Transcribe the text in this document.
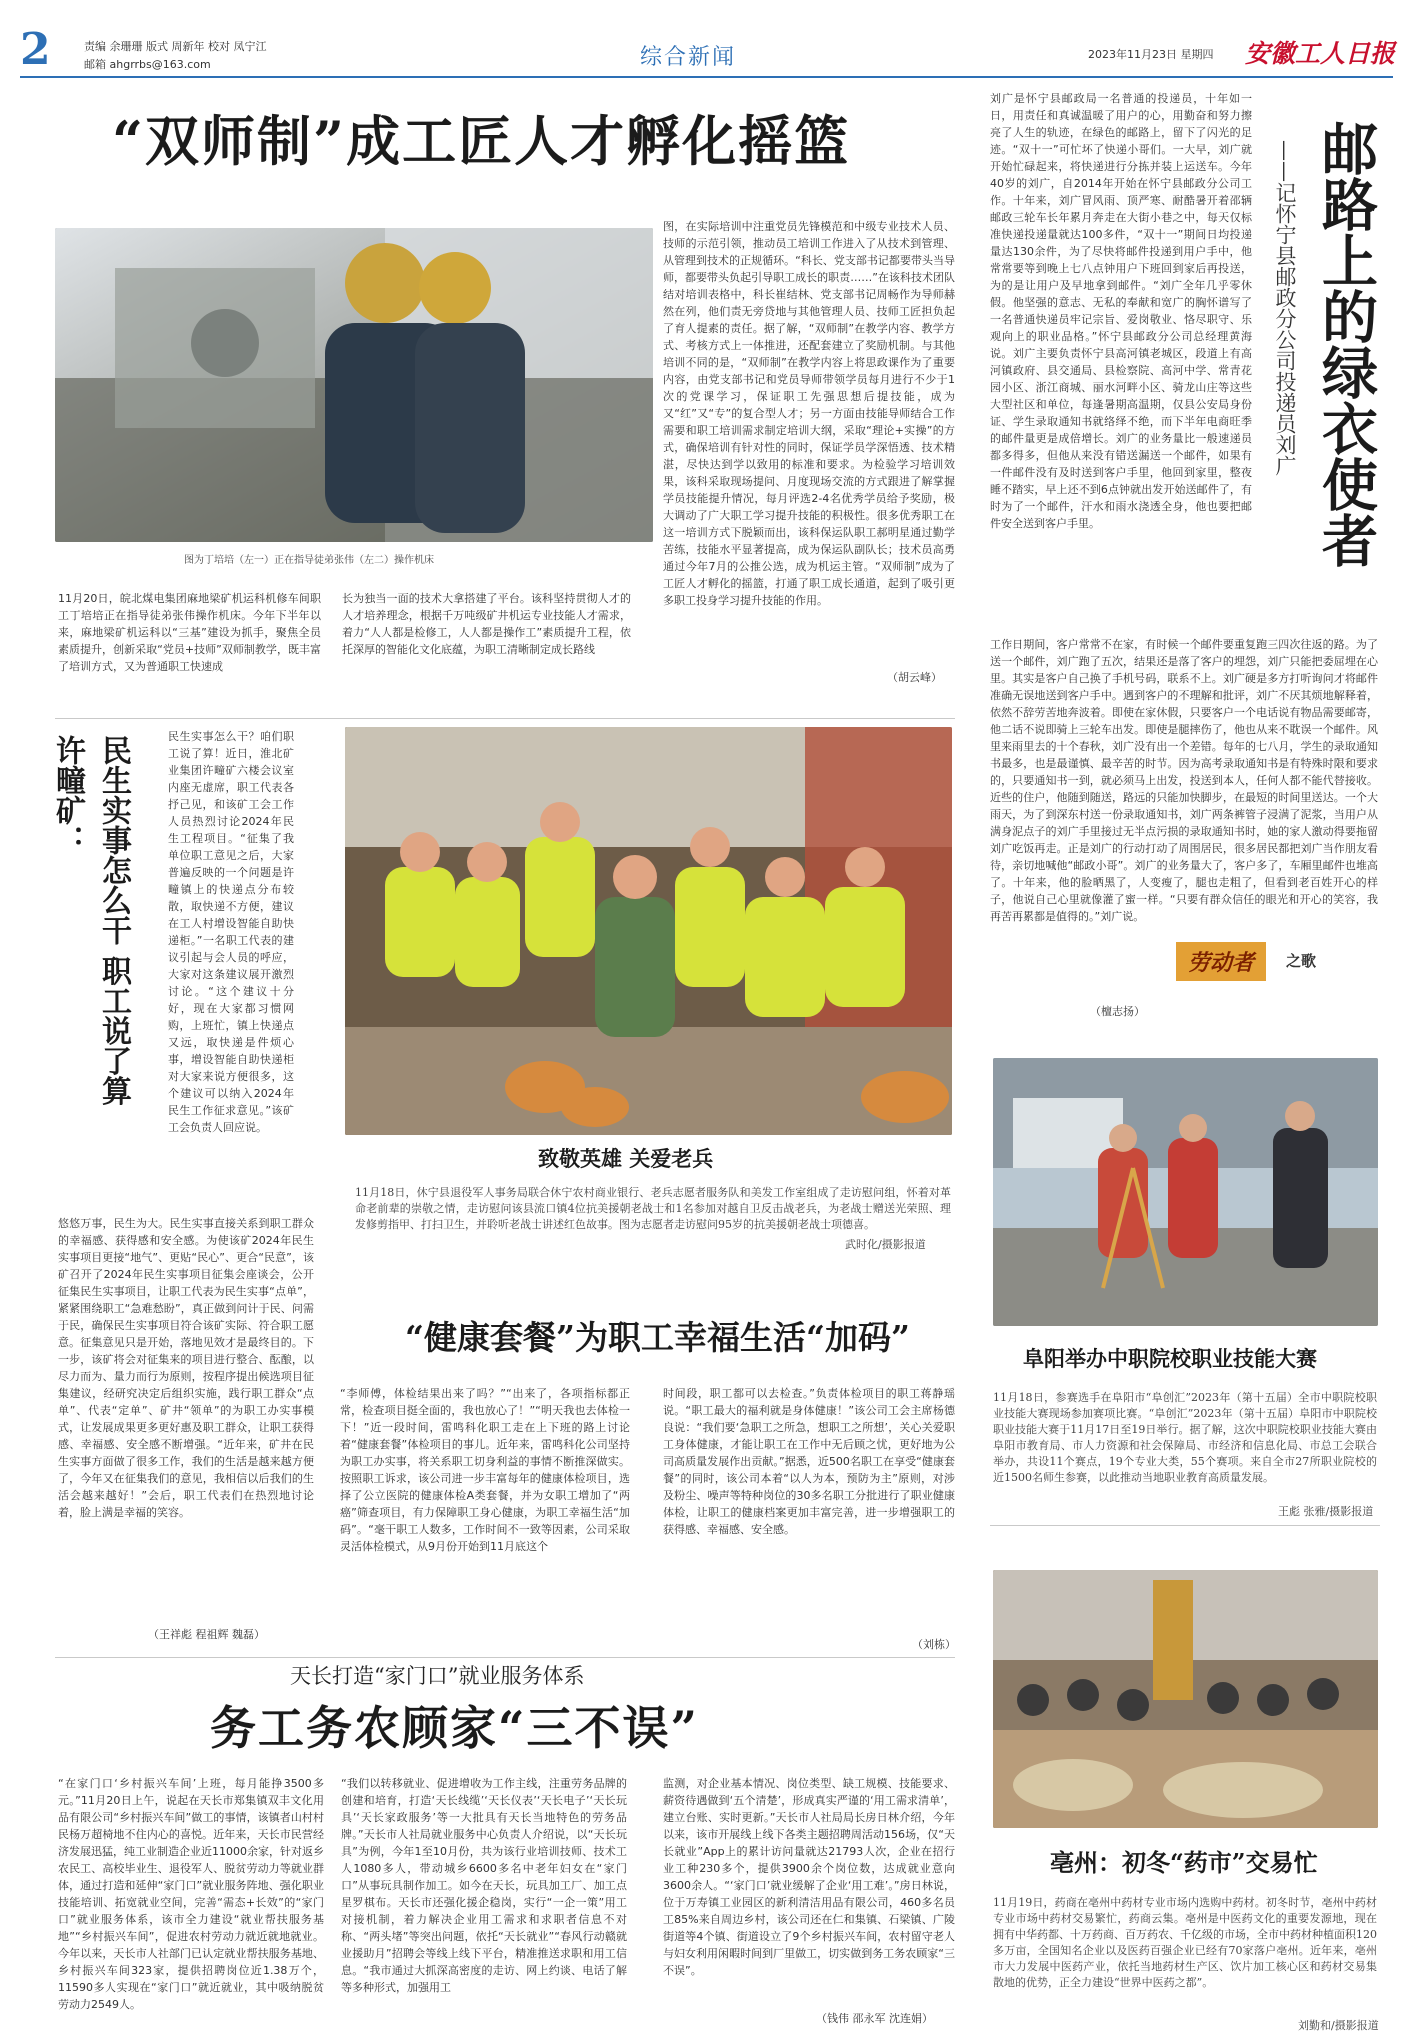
2	责编 余珊珊 版式 周新年 校对 凤宁江
邮箱 ahgrrbs@163.com	综合新闻	2023年11月23日 星期四 安徽工人日报
“双师制”成工匠人才孵化摇篮
图为丁培培（左一）正在指导徒弟张伟（左二）操作机床
11月20日，皖北煤电集团麻地梁矿机运科机修车间职工丁培培正在指导徒弟张伟操作机床。今年下半年以来，麻地梁矿机运科以“三基”建设为抓手，聚焦全员素质提升，创新采取“党员+技师”双师制教学，既丰富了培训方式，又为普通职工快速成
长为独当一面的技术大拿搭建了平台。该科坚持贯彻人才的人才培养理念，根据千万吨级矿井机运专业技能人才需求，着力“人人都是检修工，人人都是操作工”素质提升工程，依托深厚的智能化文化底蕴，为职工清晰制定成长路线
图，在实际培训中注重党员先锋模范和中级专业技术人员、技师的示范引领，推动员工培训工作进入了从技术到管理、从管理到技术的正规循环。“科长、党支部书记都要带头当导师，都要带头负起引导职工成长的职责……”在该科技术团队结对培训表格中，科长崔结林、党支部书记周畅作为导师赫然在列，他们责无旁贷地与其他管理人员、技师工匠担负起了育人提素的责任。据了解，“双师制”在教学内容、教学方式、考核方式上一体推进，还配套建立了奖励机制。与其他培训不同的是，“双师制”在教学内容上将思政课作为了重要内容，由党支部书记和党员导师带领学员每月进行不少于1次的党课学习，保证职工先强思想后提技能，成为又“红”又“专”的复合型人才；另一方面由技能导师结合工作需要和职工培训需求制定培训大纲，采取“理论+实操”的方式，确保培训有针对性的同时，保证学员学深悟透、技术精湛，尽快达到学以致用的标准和要求。为检验学习培训效果，该科采取现场提问、月度现场交流的方式跟进了解掌握学员技能提升情况，每月评选2-4名优秀学员给予奖励，极大调动了广大职工学习提升技能的积极性。很多优秀职工在这一培训方式下脱颖而出，该科保运队职工郝明星通过勤学苦练，技能水平显著提高，成为保运队副队长；技术员高勇通过今年7月的公推公选，成为机运主管。“双师制”成为了工匠人才孵化的摇篮，打通了职工成长通道，起到了吸引更多职工投身学习提升技能的作用。
（胡云峰）
许疃矿： 民生实事怎么干 职工说了算	民生实事怎么干？咱们职工说了算！近日，淮北矿业集团许疃矿六楼会议室内座无虚席，职工代表各抒己见，和该矿工会工作人员热烈讨论2024年民生工程项目。“征集了我单位职工意见之后，大家普遍反映的一个问题是许疃镇上的快递点分布较散，取快递不方便，建议在工人村增设智能自助快递柜。”一名职工代表的建议引起与会人员的呼应，大家对这条建议展开激烈讨论。“这个建议十分好，现在大家都习惯网购，上班忙，镇上快递点又远，取快递是件烦心事，增设智能自助快递柜对大家来说方便很多，这个建议可以纳入2024年民生工作征求意见。”该矿工会负责人回应说。
悠悠万事，民生为大。民生实事直接关系到职工群众的幸福感、获得感和安全感。为使该矿2024年民生实事项目更接“地气”、更贴“民心”、更合“民意”，该矿召开了2024年民生实事项目征集会座谈会，公开征集民生实事项目，让职工代表为民生实事“点单”，紧紧围绕职工“急难愁盼”，真正做到问计于民、问需于民，确保民生实事项目符合该矿实际、符合职工愿意。征集意见只是开始，落地见效才是最终目的。下一步，该矿将会对征集来的项目进行整合、酝酿，以尽力而为、量力而行为原则，按程序提出候选项目征集建议，经研究决定后组织实施，践行职工群众“点单”、代表“定单”、矿井“领单”的为职工办实事模式，让发展成果更多更好惠及职工群众，让职工获得感、幸福感、安全感不断增强。“近年来，矿井在民生实事方面做了很多工作，我们的生活是越来越方便了，今年又在征集我们的意见，我相信以后我们的生活会越来越好！”会后，职工代表们在热烈地讨论着，脸上满是幸福的笑容。
（王祥彪 程祖辉 魏磊）
致敬英雄 关爱老兵
11月18日，休宁县退役军人事务局联合休宁农村商业银行、老兵志愿者服务队和美发工作室组成了走访慰问组，怀着对革命老前辈的崇敬之情，走访慰问该县流口镇4位抗美援朝老战士和1名参加对越自卫反击战老兵，为老战士赠送光荣照、理发修剪指甲、打扫卫生，并聆听老战士讲述红色故事。图为志愿者走访慰问95岁的抗美援朝老战士项德喜。
武时化/摄影报道
“健康套餐”为职工幸福生活“加码”
“李师傅，体检结果出来了吗？”“出来了，各项指标都正常，检查项目挺全面的，我也放心了！”“明天我也去体检一下！”近一段时间，雷鸣科化职工走在上下班的路上讨论着“健康套餐”体检项目的事儿。近年来，雷鸣科化公司坚持为职工办实事，将关系职工切身利益的事情不断推深做实。按照职工诉求，该公司进一步丰富每年的健康体检项目，选择了公立医院的健康体检A类套餐，并为女职工增加了“两癌”筛查项目，有力保障职工身心健康，为职工幸福生活“加码”。“毫干职工人数多，工作时间不一致等因素，公司采取灵活体检模式，从9月份开始到11月底这个
时间段，职工都可以去检查。”负责体检项目的职工蒋静瑶说。“职工最大的福利就是身体健康！”该公司工会主席杨德良说：“我们要‘急职工之所急，想职工之所想’，关心关爱职工身体健康，才能让职工在工作中无后顾之忧，更好地为公司高质量发展作出贡献。”据悉，近500名职工在享受“健康套餐”的同时，该公司本着“以人为本，预防为主”原则，对涉及粉尘、噪声等特种岗位的30多名职工分批进行了职业健康体检，让职工的健康档案更加丰富完善，进一步增强职工的获得感、幸福感、安全感。
（刘栋）
邮路上的绿衣使者
——记怀宁县邮政分公司投递员刘广
刘广是怀宁县邮政局一名普通的投递员，十年如一日，用责任和真诚温暖了用户的心，用勤奋和努力擦亮了人生的轨迹，在绿色的邮路上，留下了闪光的足迹。“双十一”可忙坏了快递小哥们。一大早，刘广就开始忙碌起来，将快递进行分拣并装上运送车。今年40岁的刘广，自2014年开始在怀宁县邮政分公司工作。十年来，刘广冒风雨、顶严寒、耐酷暑开着邵辆邮政三轮车长年累月奔走在大街小巷之中，每天仅标准快递投递量就达100多件，“双十一”期间日均投递量达130余件，为了尽快将邮件投递到用户手中，他常常要等到晚上七八点钟用户下班回到家后再投送，为的是让用户及早地拿到邮件。“刘广全年几乎零休假。他坚强的意志、无私的奉献和宽广的胸怀谱写了一名普通快递员牢记宗旨、爱岗敬业、恪尽职守、乐观向上的职业品格。”怀宁县邮政分公司总经理黄海说。刘广主要负责怀宁县高河镇老城区，段道上有高河镇政府、县交通局、县检察院、高河中学、常青花园小区、浙江商城、丽水河畔小区、骑龙山庄等这些大型社区和单位，每逢暑期高温期，仅县公安局身份证、学生录取通知书就络绎不绝，而下半年电商旺季的邮件量更是成倍增长。刘广的业务量比一般速递员都多得多，但他从来没有错送漏送一个邮件，如果有一件邮件没有及时送到客户手里，他回到家里，整夜睡不踏实，早上还不到6点钟就出发开始送邮件了，有时为了一个邮件，汗水和雨水浇透全身，他也要把邮件安全送到客户手里。
工作日期间，客户常常不在家，有时候一个邮件要重复跑三四次往返的路。为了送一个邮件，刘广跑了五次，结果还是落了客户的埋怨，刘广只能把委屈埋在心里。其实是客户自己换了手机号码，联系不上。刘广硬是多方打听询问才将邮件准确无误地送到客户手中。遇到客户的不理解和批评，刘广不厌其烦地解释着，依然不辞劳苦地奔波着。即使在家休假，只要客户一个电话说有物品需要邮寄，他二话不说即骑上三轮车出发。即使是腿摔伤了，他也从来不耽误一个邮件。风里来雨里去的十个春秋，刘广没有出一个差错。每年的七八月，学生的录取通知书最多，也是最谨慎、最辛苦的时节。因为高考录取通知书是有特殊时限和要求的，只要通知书一到，就必须马上出发，投送到本人，任何人都不能代替接收。近些的住户，他随到随送，路远的只能加快脚步，在最短的时间里送达。一个大雨天，为了到深东村送一份录取通知书，刘广两条裤管子浸满了泥浆，当用户从满身泥点子的刘广手里接过无半点污损的录取通知书时，她的家人激动得要拖留刘广吃饭再走。正是刘广的行动打动了周围居民，很多居民都把刘广当作朋友看待，亲切地喊他“邮政小哥”。刘广的业务量大了，客户多了，车厢里邮件也堆高了。十年来，他的脸晒黑了，人变瘦了，腿也走粗了，但看到老百姓开心的样子，他说自己心里就像灌了蜜一样。“只要有群众信任的眼光和开心的笑容，我再苦再累都是值得的。”刘广说。
（檀志扬）
劳动者	之歌
阜阳举办中职院校职业技能大赛
11月18日，参赛选手在阜阳市“阜创汇”2023年（第十五届）全市中职院校职业技能大赛现场参加赛项比赛。“阜创汇”2023年（第十五届）阜阳市中职院校职业技能大赛于11月17日至19日举行。据了解，这次中职院校职业技能大赛由阜阳市教育局、市人力资源和社会保障局、市经济和信息化局、市总工会联合举办，共设11个赛点，19个专业大类，55个赛项。来自全市27所职业院校的近1500名师生参赛，以此推动当地职业教育高质量发展。
王彪 张雅/摄影报道
天长打造“家门口”就业服务体系
务工务农顾家“三不误”
“在家门口‘乡村振兴车间’上班，每月能挣3500多元。”11月20日上午，说起在天长市郑集镇双丰文化用品有限公司“乡村振兴车间”做工的事情，该镇者山村村民杨万超椅地不住内心的喜悦。近年来，天长市民营经济发展迅猛，纯工业制造企业近11000余家，针对返乡农民工、高校毕业生、退役军人、脱贫劳动力等就业群体，通过打造和延伸“家门口”就业服务阵地、强化职业技能培训、拓宽就业空间，完善“需态+长效”的“家门口”就业服务体系，该市全力建设“就业帮扶服务基地”“乡村振兴车间”，促进农村劳动力就近就地就业。今年以来，天长市人社部门已认定就业帮扶服务基地、乡村振兴车间323家，提供招聘岗位近1.38万个，11590多人实现在“家门口”就近就业，其中吸纳脱贫劳动力2549人。
“我们以转移就业、促进增收为工作主线，注重劳务品牌的创建和培育，打造‘天长线缆’‘天长仪表’‘天长电子’‘天长玩具’‘天长家政服务’等一大批具有天长当地特色的劳务品牌。”天长市人社局就业服务中心负责人介绍说，以“天长玩具”为例，今年1至10月份，共为该行业培训技师、技术工人1080多人，带动城乡6600多名中老年妇女在“家门口”从事玩具制作加工。如今在天长，玩具加工厂、加工点星罗棋布。天长市还强化援企稳岗，实行“一企一策”用工对接机制，着力解决企业用工需求和求职者信息不对称、“两头堵”等突出问题，依托“天长就业”“春风行动赣就业援助月”招聘会等线上线下平台，精准推送求职和用工信息。“我市通过大抓深高密度的走访、网上约谈、电话了解等多种形式，加强用工
监测，对企业基本情况、岗位类型、缺工规模、技能要求、薪资待遇做到‘五个清楚’，形成真实严谨的‘用工需求清单’，建立台账、实时更新。”天长市人社局局长房日林介绍，今年以来，该市开展线上线下各类主题招聘周活动156场，仅“天长就业”App上的累计访问量就达21793人次，企业在招行业工种230多个，提供3900余个岗位数，达成就业意向3600余人。“‘家门口’就业缓解了企业‘用工难’。”房日林说，位于万寿镇工业园区的新利清洁用品有限公司，460多名员工85%来自周边乡村，该公司还在仁和集镇、石梁镇、广陵街道等4个镇、街道设立了9个乡村振兴车间，农村留守老人与妇女利用闲暇时间到厂里做工，切实做到务工务农顾家“三不误”。
（钱伟 邵永军 沈连娟）
亳州：初冬“药市”交易忙
11月19日，药商在亳州中药材专业市场内选购中药材。初冬时节，亳州中药材专业市场中药材交易繁忙，药商云集。亳州是中医药文化的重要发源地，现在拥有中华药都、十万药商、百万药农、千亿级的市场，全市中药材种植面积120多万亩，全国知名企业以及医药百强企业已经有70家落户亳州。近年来，亳州市大力发展中医药产业，依托当地药材生产区、饮片加工核心区和药材交易集散地的优势，正全力建设“世界中医药之都”。
刘勤和/摄影报道
